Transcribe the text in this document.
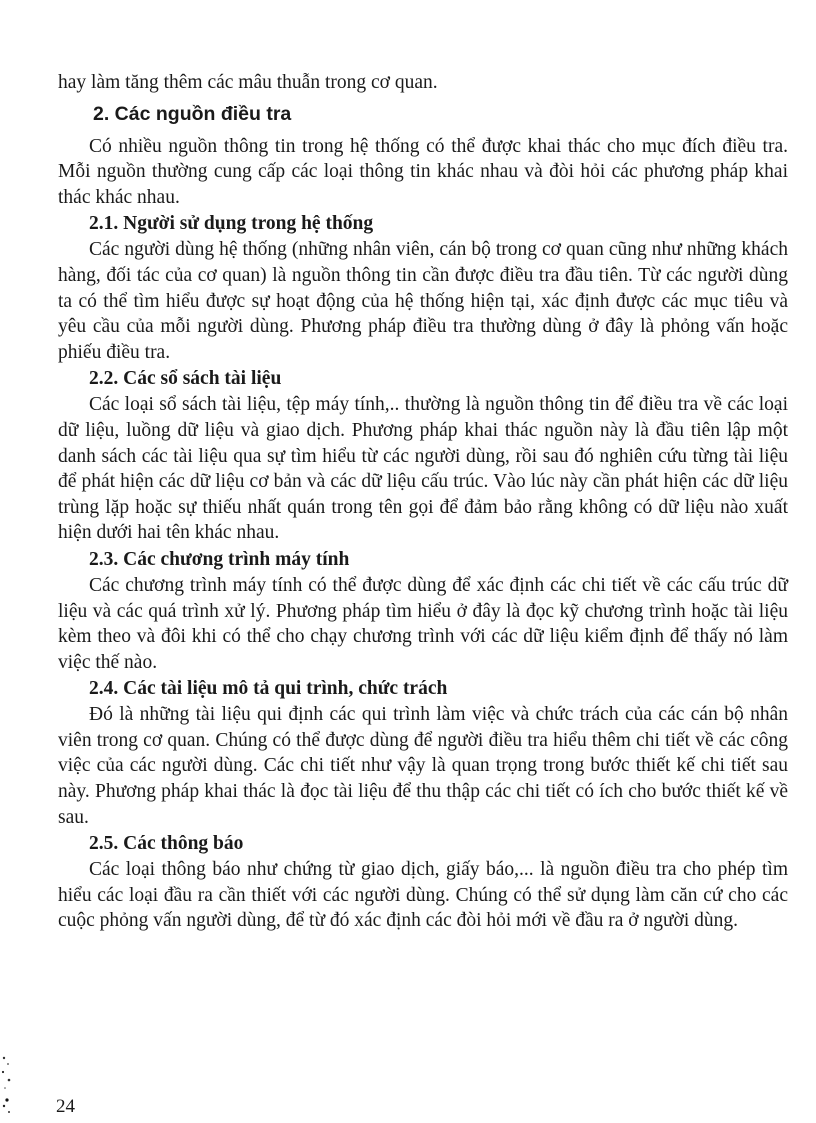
hay làm tăng thêm các mâu thuẫn trong cơ quan.

2. Các nguồn điều tra

Có nhiều nguồn thông tin trong hệ thống có thể được khai thác cho mục đích điều tra. Mỗi nguồn thường cung cấp các loại thông tin khác nhau và đòi hỏi các phương pháp khai thác khác nhau.

2.1. Người sử dụng trong hệ thống

Các người dùng hệ thống (những nhân viên, cán bộ trong cơ quan cũng như những khách hàng, đối tác của cơ quan) là nguồn thông tin cần được điều tra đầu tiên. Từ các người dùng ta có thể tìm hiểu được sự hoạt động của hệ thống hiện tại, xác định được các mục tiêu và yêu cầu của mỗi người dùng. Phương pháp điều tra thường dùng ở đây là phỏng vấn hoặc phiếu điều tra.

2.2. Các sổ sách tài liệu

Các loại sổ sách tài liệu, tệp máy tính,.. thường là nguồn thông tin để điều tra về các loại dữ liệu, luồng dữ liệu và giao dịch. Phương pháp khai thác nguồn này là đầu tiên lập một danh sách các tài liệu qua sự tìm hiểu từ các người dùng, rồi sau đó nghiên cứu từng tài liệu để phát hiện các dữ liệu cơ bản và các dữ liệu cấu trúc. Vào lúc này cần phát hiện các dữ liệu trùng lặp hoặc sự thiếu nhất quán trong tên gọi để đảm bảo rằng không có dữ liệu nào xuất hiện dưới hai tên khác nhau.

2.3. Các chương trình máy tính

Các chương trình máy tính có thể được dùng để xác định các chi tiết về các cấu trúc dữ liệu và các quá trình xử lý. Phương pháp tìm hiểu ở đây là đọc kỹ chương trình hoặc tài liệu kèm theo và đôi khi có thể cho chạy chương trình với các dữ liệu kiểm định để thấy nó làm việc thế nào.

2.4. Các tài liệu mô tả qui trình, chức trách

Đó là những tài liệu qui định các qui trình làm việc và chức trách của các cán bộ nhân viên trong cơ quan. Chúng có thể được dùng để người điều tra hiểu thêm chi tiết về các công việc của các người dùng. Các chi tiết như vậy là quan trọng trong bước thiết kế chi tiết sau này. Phương pháp khai thác là đọc tài liệu để thu thập các chi tiết có ích cho bước thiết kế về sau.

2.5. Các thông báo

Các loại thông báo như chứng từ giao dịch, giấy báo,... là nguồn điều tra cho phép tìm hiểu các loại đầu ra cần thiết với các người dùng. Chúng có thể sử dụng làm căn cứ cho các cuộc phỏng vấn người dùng, để từ đó xác định các đòi hỏi mới về đầu ra ở người dùng.

24
